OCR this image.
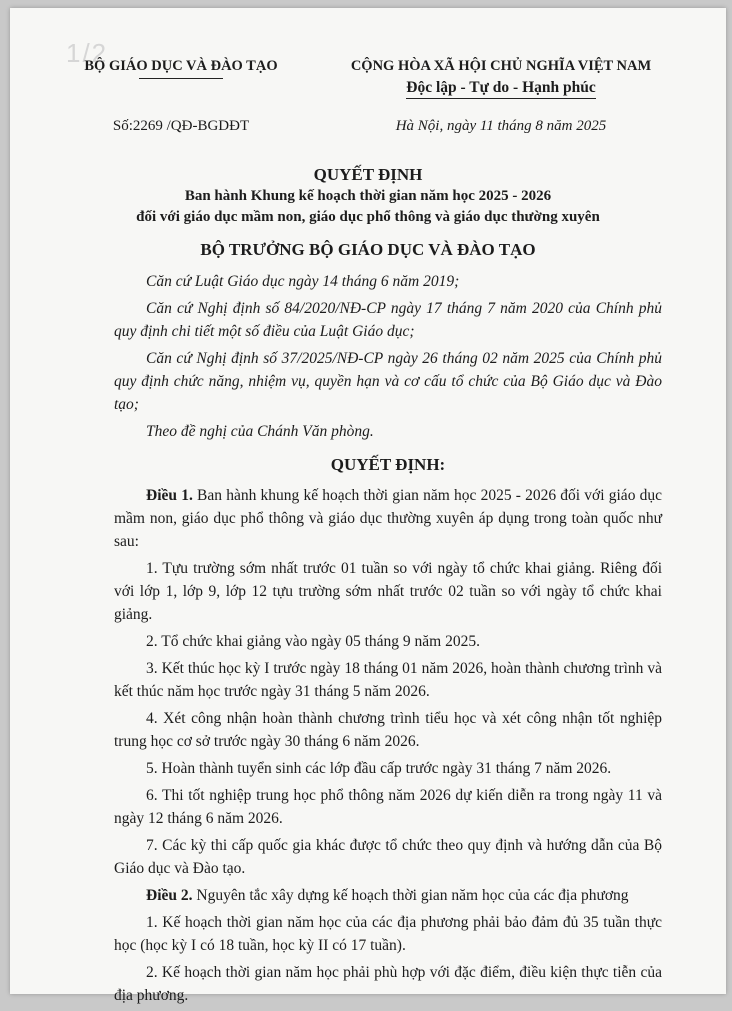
1/2
BỘ GIÁO DỤC VÀ ĐÀO TẠO	CỘNG HÒA XÃ HỘI CHỦ NGHĨA VIỆT NAM
Độc lập - Tự do - Hạnh phúc
Số:2269 /QĐ-BGDĐT	Hà Nội, ngày 11 tháng 8 năm 2025
QUYẾT ĐỊNH
Ban hành Khung kế hoạch thời gian năm học 2025 - 2026
đối với giáo dục mầm non, giáo dục phổ thông và giáo dục thường xuyên
BỘ TRƯỞNG BỘ GIÁO DỤC VÀ ĐÀO TẠO

Căn cứ Luật Giáo dục ngày 14 tháng 6 năm 2019;

Căn cứ Nghị định số 84/2020/NĐ-CP ngày 17 tháng 7 năm 2020 của Chính phủ quy định chi tiết một số điều của Luật Giáo dục;

Căn cứ Nghị định số 37/2025/NĐ-CP ngày 26 tháng 02 năm 2025 của Chính phủ quy định chức năng, nhiệm vụ, quyền hạn và cơ cấu tổ chức của Bộ Giáo dục và Đào tạo;

Theo đề nghị của Chánh Văn phòng.

QUYẾT ĐỊNH:

Điều 1. Ban hành khung kế hoạch thời gian năm học 2025 - 2026 đối với giáo dục mầm non, giáo dục phổ thông và giáo dục thường xuyên áp dụng trong toàn quốc như sau:

1. Tựu trường sớm nhất trước 01 tuần so với ngày tổ chức khai giảng. Riêng đối với lớp 1, lớp 9, lớp 12 tựu trường sớm nhất trước 02 tuần so với ngày tổ chức khai giảng.

2. Tổ chức khai giảng vào ngày 05 tháng 9 năm 2025.

3. Kết thúc học kỳ I trước ngày 18 tháng 01 năm 2026, hoàn thành chương trình và kết thúc năm học trước ngày 31 tháng 5 năm 2026.

4. Xét công nhận hoàn thành chương trình tiểu học và xét công nhận tốt nghiệp trung học cơ sở trước ngày 30 tháng 6 năm 2026.

5. Hoàn thành tuyển sinh các lớp đầu cấp trước ngày 31 tháng 7 năm 2026.

6. Thi tốt nghiệp trung học phổ thông năm 2026 dự kiến diễn ra trong ngày 11 và ngày 12 tháng 6 năm 2026.

7. Các kỳ thi cấp quốc gia khác được tổ chức theo quy định và hướng dẫn của Bộ Giáo dục và Đào tạo.

Điều 2. Nguyên tắc xây dựng kế hoạch thời gian năm học của các địa phương

1. Kế hoạch thời gian năm học của các địa phương phải bảo đảm đủ 35 tuần thực học (học kỳ I có 18 tuần, học kỳ II có 17 tuần).

2. Kế hoạch thời gian năm học phải phù hợp với đặc điểm, điều kiện thực tiễn của địa phương.
